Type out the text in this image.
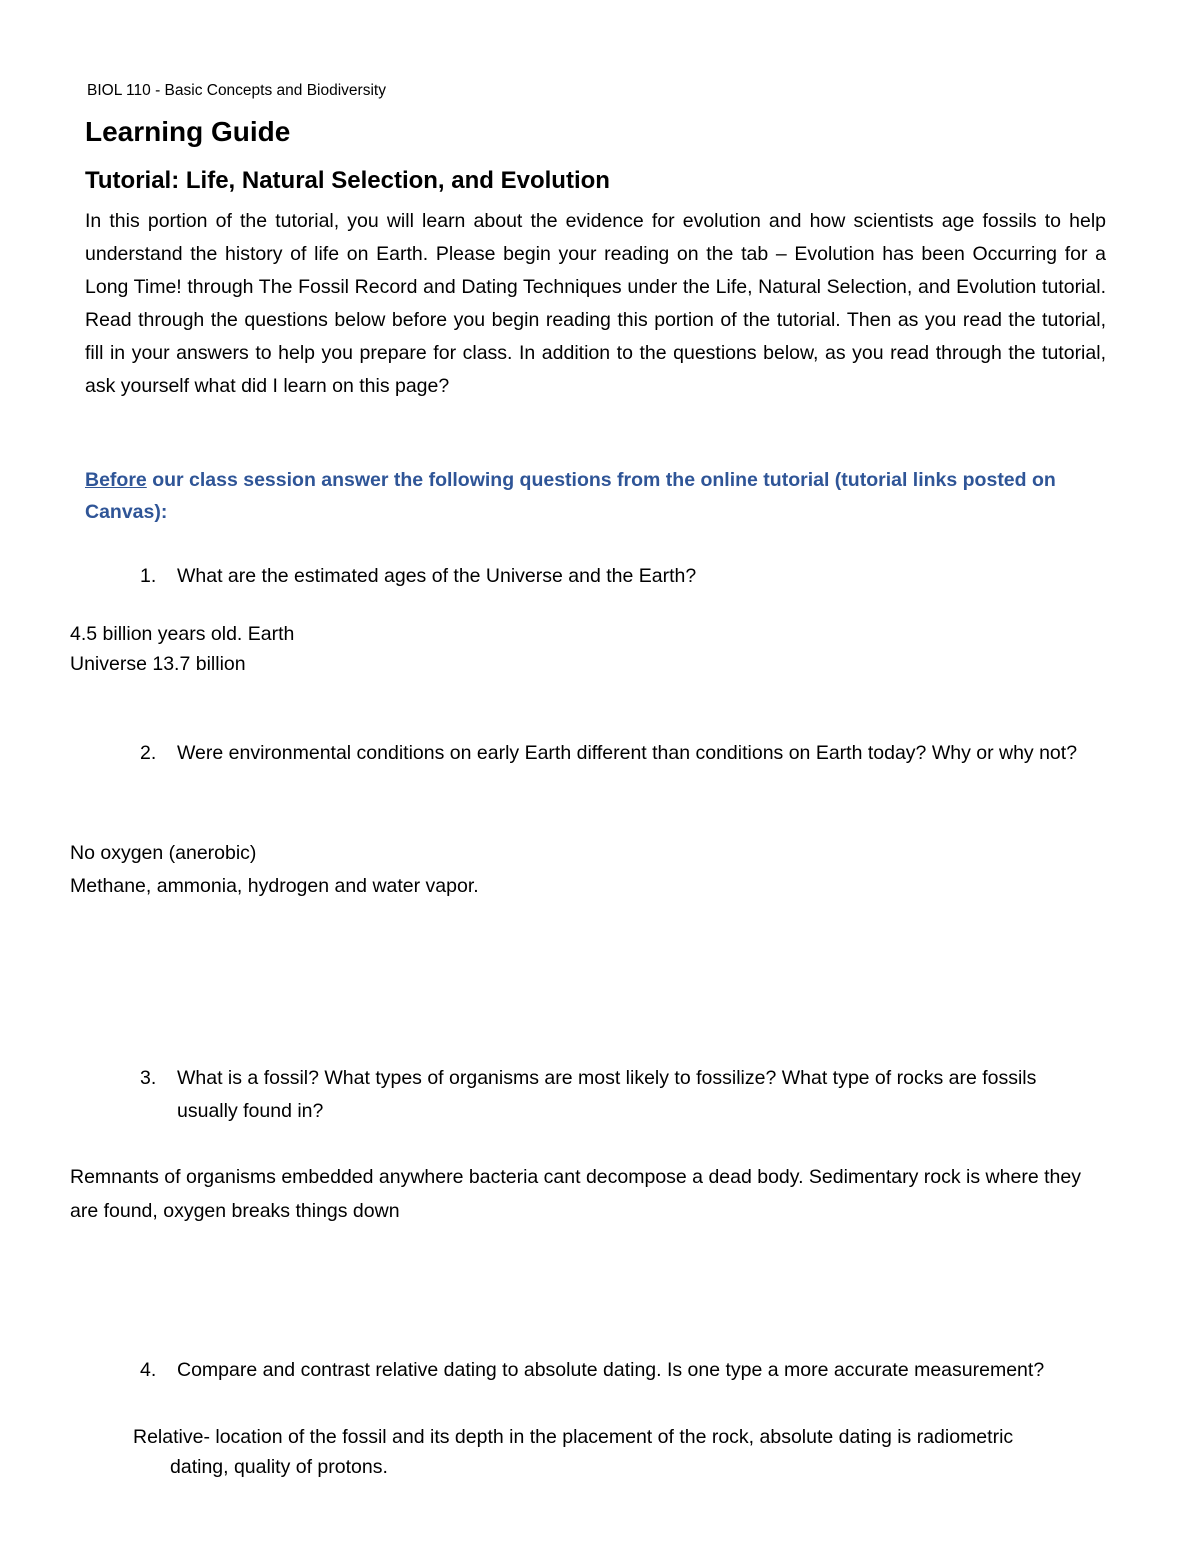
BIOL 110 - Basic Concepts and Biodiversity
Learning Guide
Tutorial: Life, Natural Selection, and Evolution
In this portion of the tutorial, you will learn about the evidence for evolution and how scientists age fossils to help understand the history of life on Earth. Please begin your reading on the tab – Evolution has been Occurring for a Long Time! through The Fossil Record and Dating Techniques under the Life, Natural Selection, and Evolution tutorial. Read through the questions below before you begin reading this portion of the tutorial. Then as you read the tutorial, fill in your answers to help you prepare for class. In addition to the questions below, as you read through the tutorial, ask yourself what did I learn on this page?
Before our class session answer the following questions from the online tutorial (tutorial links posted on Canvas):
1. What are the estimated ages of the Universe and the Earth?
4.5 billion years old. Earth
Universe 13.7 billion
2. Were environmental conditions on early Earth different than conditions on Earth today? Why or why not?
No oxygen (anerobic)
Methane, ammonia, hydrogen and water vapor.
3. What is a fossil? What types of organisms are most likely to fossilize? What type of rocks are fossils usually found in?
Remnants of organisms embedded anywhere bacteria cant decompose a dead body. Sedimentary rock is where they are found, oxygen breaks things down
4. Compare and contrast relative dating to absolute dating. Is one type a more accurate measurement?
Relative- location of the fossil and its depth in the placement of the rock, absolute dating is radiometric
dating, quality of protons.
